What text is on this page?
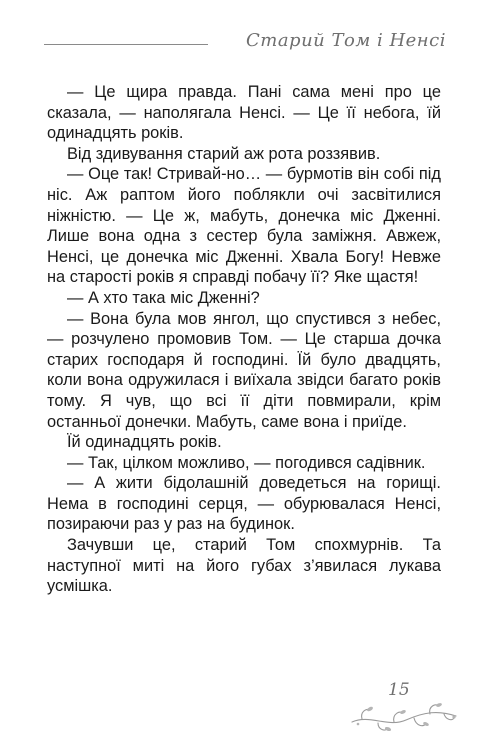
Старий Том і Ненсі

— Це щира правда. Пані сама мені про це сказала, — наполягала Ненсі. — Це її небога, їй одинадцять років.

Від здивування старий аж рота роззявив.

— Оце так! Стривай-но… — бурмотів він собі під ніс. Аж раптом його поблякли очі засвітилися ніжністю. — Це ж, мабуть, донечка міс Дженні. Лише вона одна з сестер була заміжня. Авжеж, Ненсі, це донечка міс Дженні. Хвала Богу! Невже на старості років я справді побачу її? Яке щастя!

— А хто така міс Дженні?

— Вона була мов янгол, що спустився з небес, — розчулено промовив Том. — Це старша дочка старих господаря й господині. Їй було двадцять, коли вона одружилася і виїхала звідси багато років тому. Я чув, що всі її діти повмирали, крім останньої донечки. Мабуть, саме вона і приїде.

Їй одинадцять років.

— Так, цілком можливо, — погодився садівник.

— А жити бідолашній доведеться на горищі. Нема в господині серця, — обурювалася Ненсі, позираючи раз у раз на будинок.

Зачувши це, старий Том спохмурнів. Та наступної миті на його губах з’явилася лукава усмішка.

15
